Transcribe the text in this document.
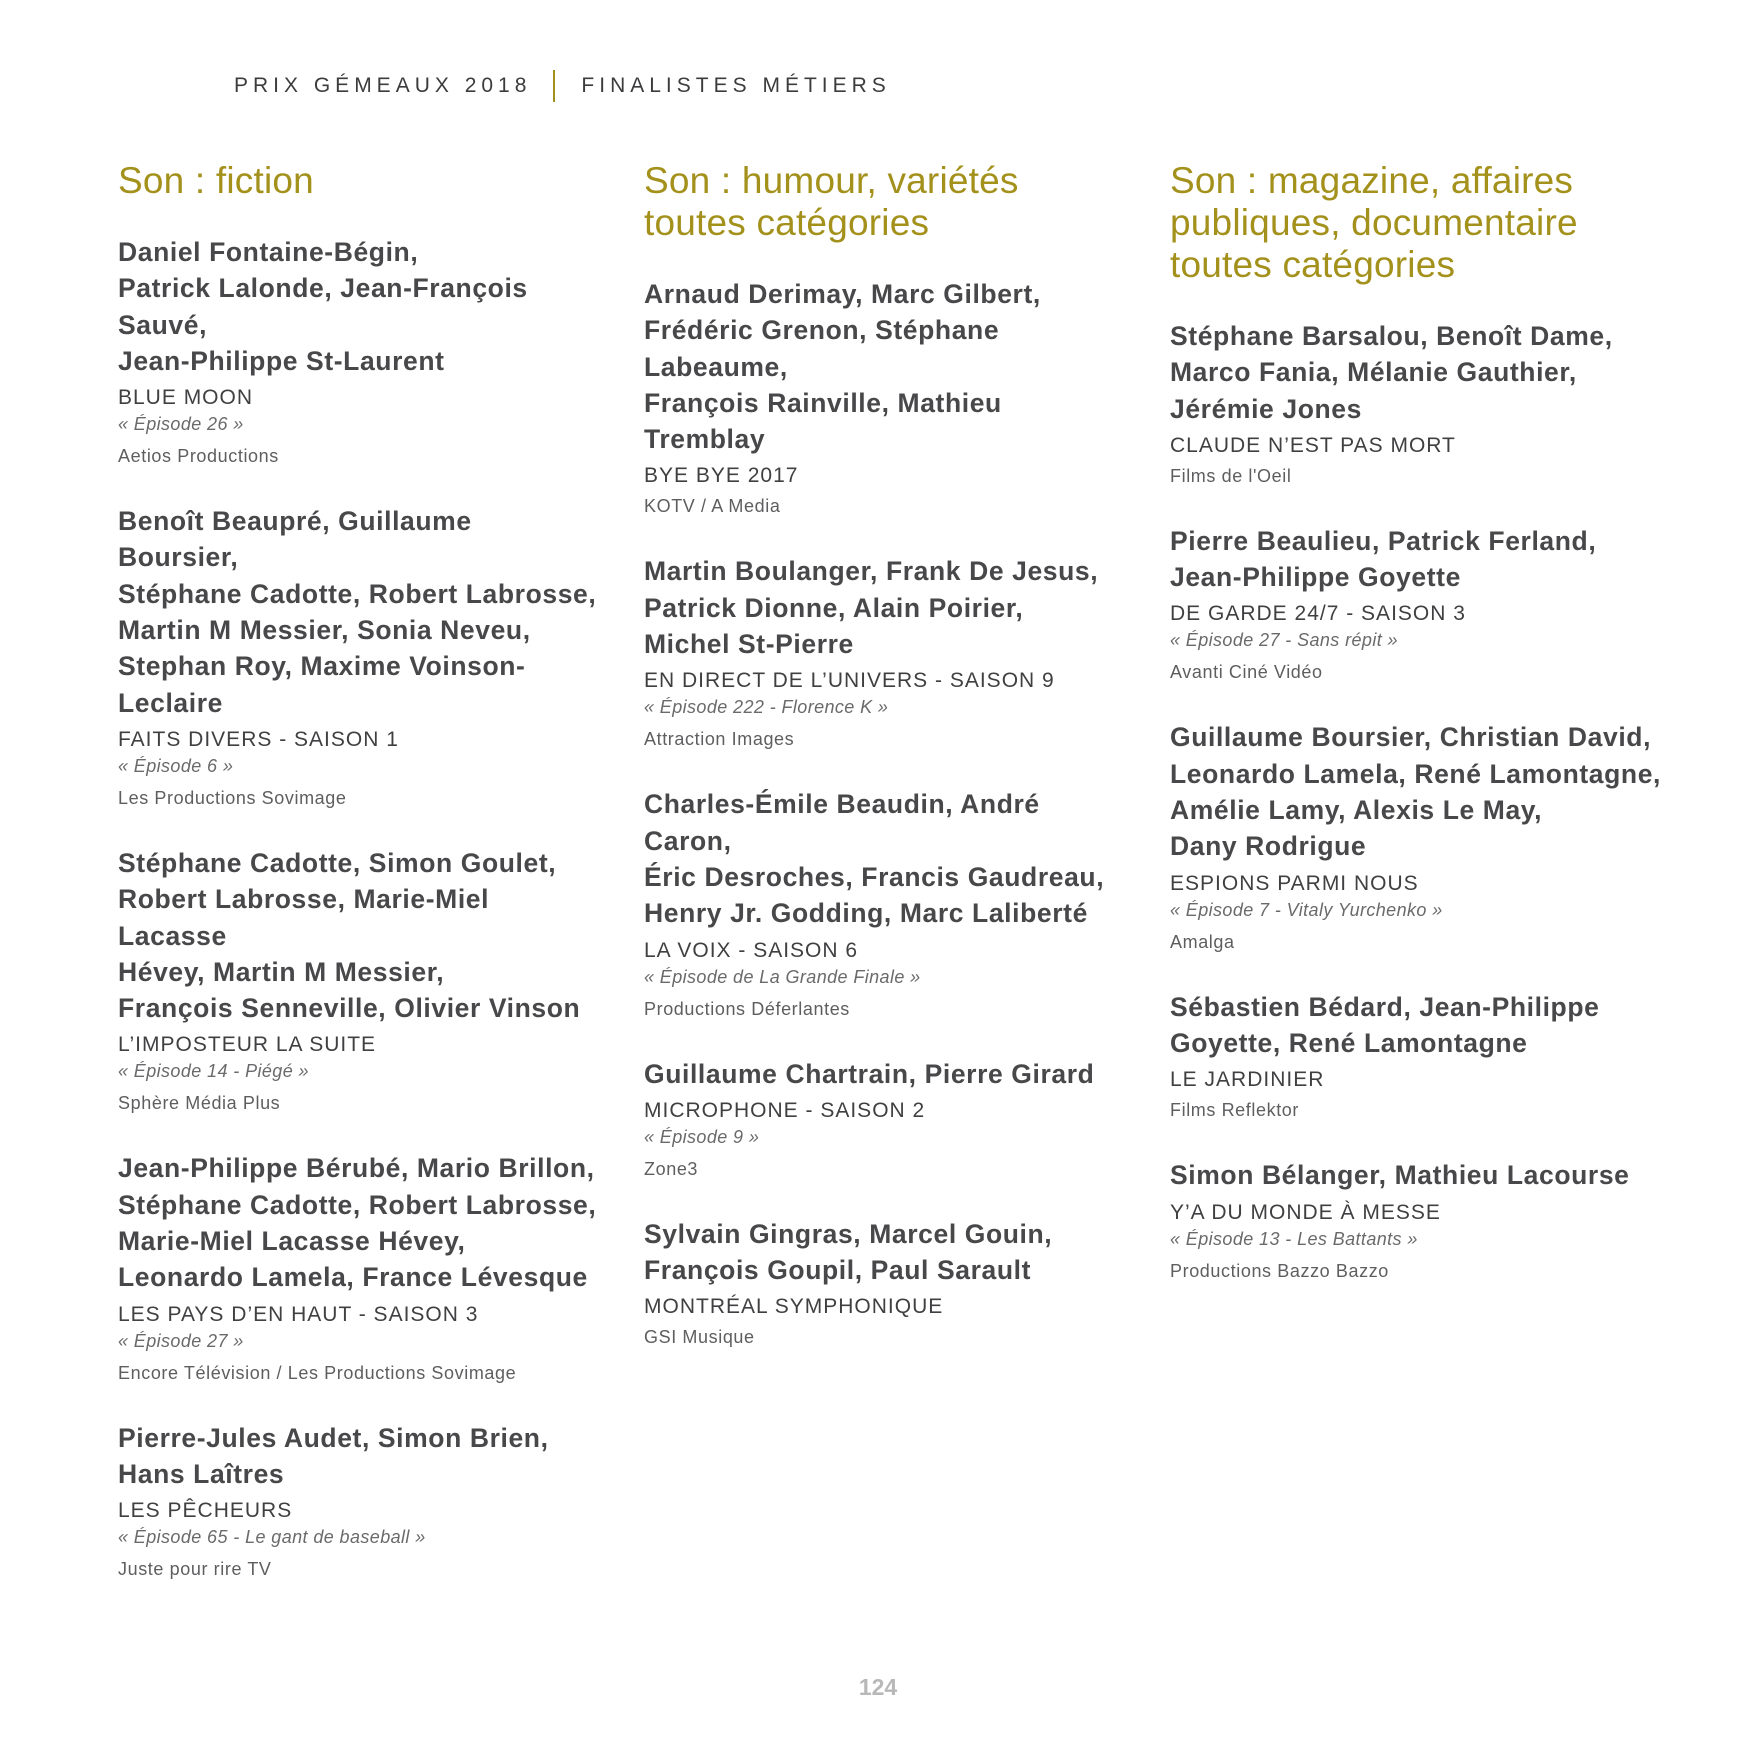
PRIX GÉMEAUX 2018 FINALISTES MÉTIERS
Son : fiction
Daniel Fontaine-Bégin,
Patrick Lalonde, Jean-François Sauvé,
Jean-Philippe St-Laurent
BLUE MOON
« Épisode 26 »
Aetios Productions
Benoît Beaupré, Guillaume Boursier,
Stéphane Cadotte, Robert Labrosse,
Martin M Messier, Sonia Neveu,
Stephan Roy, Maxime Voinson-
Leclaire
FAITS DIVERS - SAISON 1
« Épisode 6 »
Les Productions Sovimage
Stéphane Cadotte, Simon Goulet,
Robert Labrosse, Marie-Miel Lacasse
Hévey, Martin M Messier,
François Senneville, Olivier Vinson
L’IMPOSTEUR LA SUITE
« Épisode 14 - Piégé »
Sphère Média Plus
Jean-Philippe Bérubé, Mario Brillon,
Stéphane Cadotte, Robert Labrosse,
Marie-Miel Lacasse Hévey,
Leonardo Lamela, France Lévesque
LES PAYS D’EN HAUT - SAISON 3
« Épisode 27 »
Encore Télévision / Les Productions Sovimage
Pierre-Jules Audet, Simon Brien,
Hans Laîtres
LES PÊCHEURS
« Épisode 65 - Le gant de baseball »
Juste pour rire TV
Son : humour, variétés
toutes catégories
Arnaud Derimay, Marc Gilbert,
Frédéric Grenon, Stéphane Labeaume,
François Rainville, Mathieu Tremblay
BYE BYE 2017
KOTV / A Media
Martin Boulanger, Frank De Jesus,
Patrick Dionne, Alain Poirier,
Michel St-Pierre
EN DIRECT DE L’UNIVERS - SAISON 9
« Épisode 222 - Florence K »
Attraction Images
Charles-Émile Beaudin, André Caron,
Éric Desroches, Francis Gaudreau,
Henry Jr. Godding, Marc Laliberté
LA VOIX - SAISON 6
« Épisode de La Grande Finale »
Productions Déferlantes
Guillaume Chartrain, Pierre Girard
MICROPHONE - SAISON 2
« Épisode 9 »
Zone3
Sylvain Gingras, Marcel Gouin,
François Goupil, Paul Sarault
MONTRÉAL SYMPHONIQUE
GSI Musique
Son : magazine, affaires
publiques, documentaire
toutes catégories
Stéphane Barsalou, Benoît Dame,
Marco Fania, Mélanie Gauthier,
Jérémie Jones
CLAUDE N’EST PAS MORT
Films de l'Oeil
Pierre Beaulieu, Patrick Ferland,
Jean-Philippe Goyette
DE GARDE 24/7 - SAISON 3
« Épisode 27 - Sans répit »
Avanti Ciné Vidéo
Guillaume Boursier, Christian David,
Leonardo Lamela, René Lamontagne,
Amélie Lamy, Alexis Le May,
Dany Rodrigue
ESPIONS PARMI NOUS
« Épisode 7 - Vitaly Yurchenko »
Amalga
Sébastien Bédard, Jean-Philippe
Goyette, René Lamontagne
LE JARDINIER
Films Reflektor
Simon Bélanger, Mathieu Lacourse
Y’A DU MONDE À MESSE
« Épisode 13 - Les Battants »
Productions Bazzo Bazzo
124
